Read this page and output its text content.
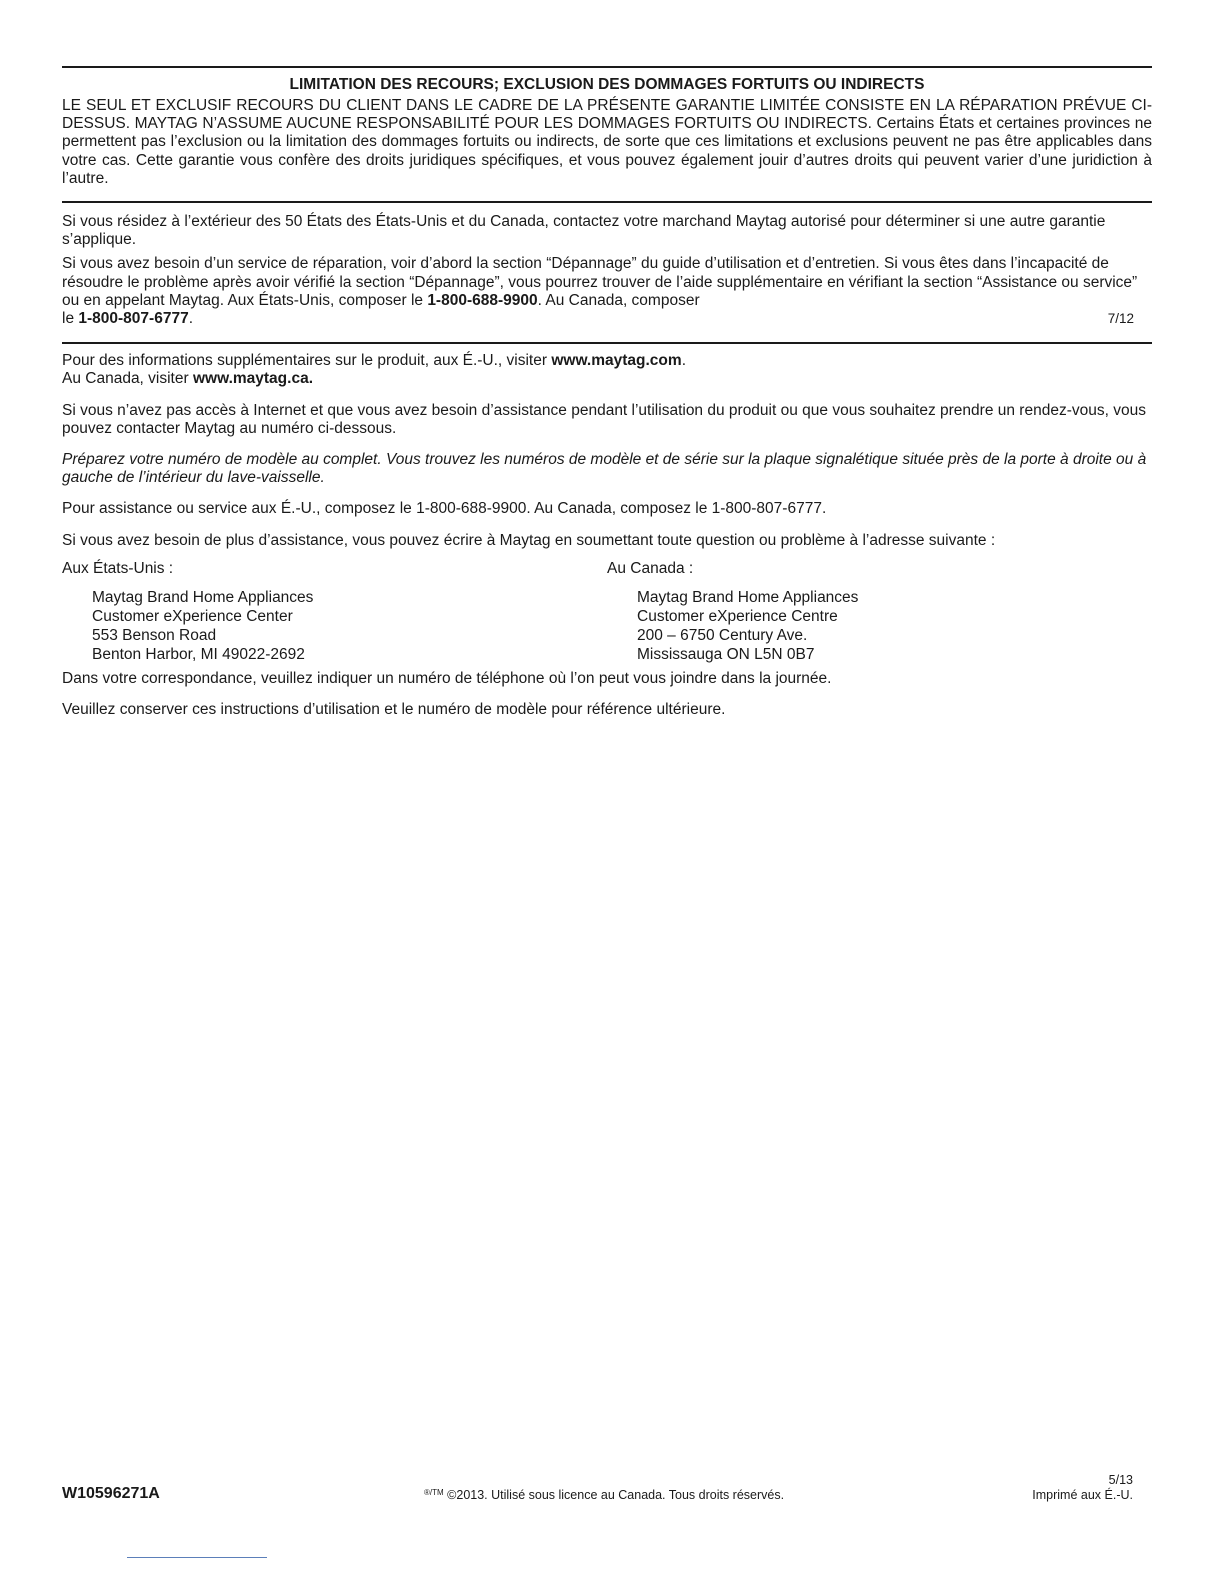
LIMITATION DES RECOURS; EXCLUSION DES DOMMAGES FORTUITS OU INDIRECTS

LE SEUL ET EXCLUSIF RECOURS DU CLIENT DANS LE CADRE DE LA PRÉSENTE GARANTIE LIMITÉE CONSISTE EN LA RÉPARATION PRÉVUE CI-DESSUS. MAYTAG N’ASSUME AUCUNE RESPONSABILITÉ POUR LES DOMMAGES FORTUITS OU INDIRECTS. Certains États et certaines provinces ne permettent pas l’exclusion ou la limitation des dommages fortuits ou indirects, de sorte que ces limitations et exclusions peuvent ne pas être applicables dans votre cas. Cette garantie vous confère des droits juridiques spécifiques, et vous pouvez également jouir d’autres droits qui peuvent varier d’une juridiction à l’autre.

Si vous résidez à l’extérieur des 50 États des États-Unis et du Canada, contactez votre marchand Maytag autorisé pour déterminer si une autre garantie s’applique.

Si vous avez besoin d’un service de réparation, voir d’abord la section “Dépannage” du guide d’utilisation et d’entretien. Si vous êtes dans l’incapacité de résoudre le problème après avoir vérifié la section “Dépannage”, vous pourrez trouver de l’aide supplémentaire en vérifiant la section “Assistance ou service” ou en appelant Maytag. Aux États-Unis, composer le 1-800-688-9900. Au Canada, composer
le 1-800-807-6777.	7/12

Pour des informations supplémentaires sur le produit, aux É.-U., visiter www.maytag.com.
Au Canada, visiter www.maytag.ca.

Si vous n’avez pas accès à Internet et que vous avez besoin d’assistance pendant l’utilisation du produit ou que vous souhaitez prendre un rendez-vous, vous pouvez contacter Maytag au numéro ci-dessous.

Préparez votre numéro de modèle au complet. Vous trouvez les numéros de modèle et de série sur la plaque signalétique située près de la porte à droite ou à gauche de l’intérieur du lave-vaisselle.

Pour assistance ou service aux É.-U., composez le 1-800-688-9900. Au Canada, composez le 1-800-807-6777.

Si vous avez besoin de plus d’assistance, vous pouvez écrire à Maytag en soumettant toute question ou problème à l’adresse suivante :

Aux États-Unis :
Maytag Brand Home Appliances
Customer eXperience Center
553 Benson Road
Benton Harbor, MI 49022-2692
Au Canada :
Maytag Brand Home Appliances
Customer eXperience Centre
200 – 6750 Century Ave.
Mississauga ON L5N 0B7

Dans votre correspondance, veuillez indiquer un numéro de téléphone où l’on peut vous joindre dans la journée.

Veuillez conserver ces instructions d’utilisation et le numéro de modèle pour référence ultérieure.

W10596271A	$^{®/TM}$ ©2013. Utilisé sous licence au Canada. Tous droits réservés.
5/13
Imprimé aux É.-U.
